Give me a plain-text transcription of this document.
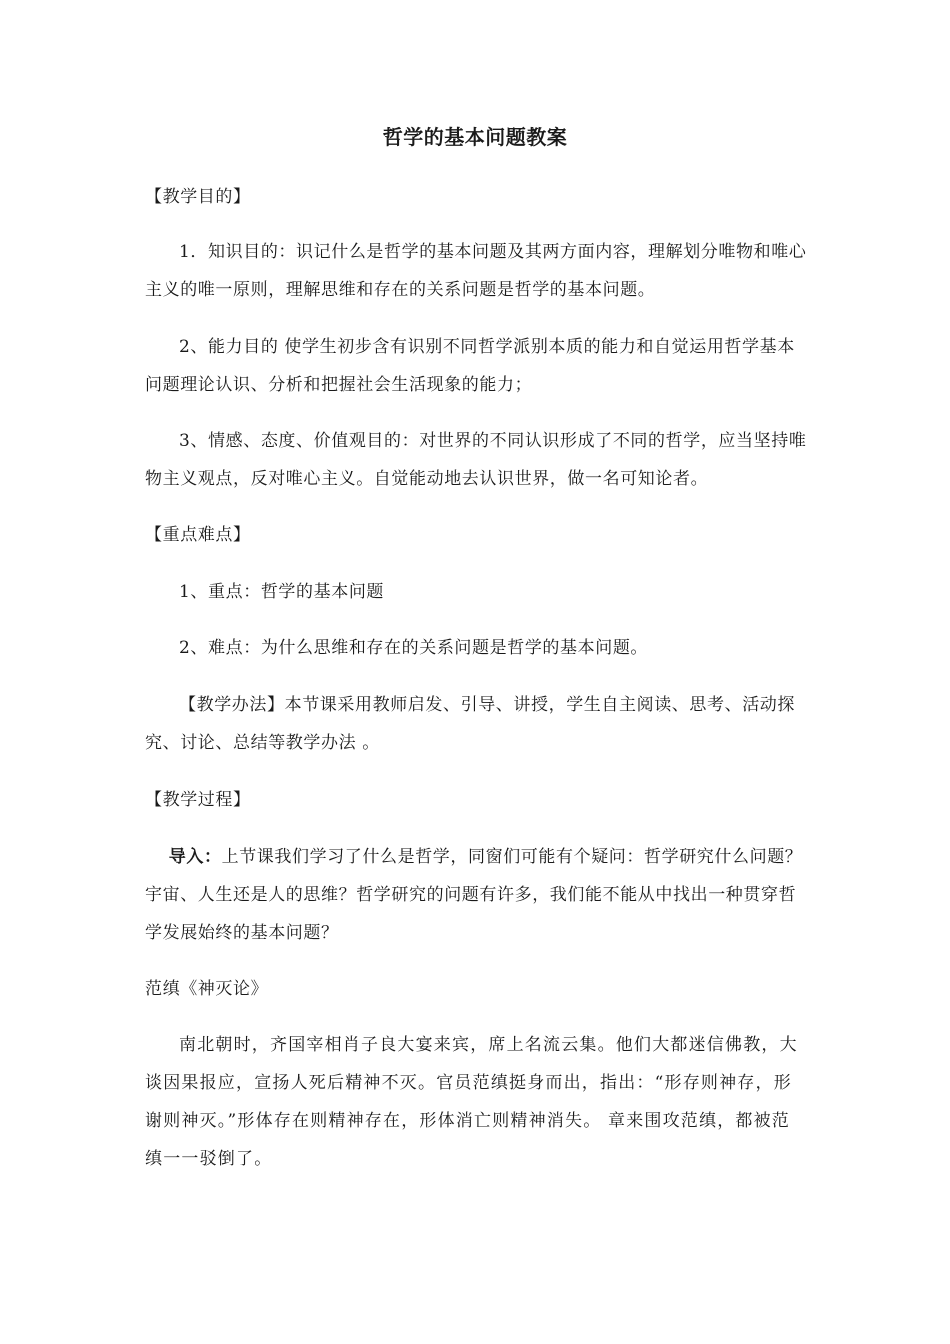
哲学的基本问题教案
【教学目的】
1．知识目的：识记什么是哲学的基本问题及其两方面内容，理解划分唯物和唯心主义的唯一原则，理解思维和存在的关系问题是哲学的基本问题。
2、能力目的 使学生初步含有识别不同哲学派别本质的能力和自觉运用哲学基本问题理论认识、分析和把握社会生活现象的能力；
3、情感、态度、价值观目的：对世界的不同认识形成了不同的哲学，应当坚持唯物主义观点，反对唯心主义。自觉能动地去认识世界，做一名可知论者。
【重点难点】
1、重点：哲学的基本问题
2、难点：为什么思维和存在的关系问题是哲学的基本问题。
【教学办法】本节课采用教师启发、引导、讲授，学生自主阅读、思考、活动探究、讨论、总结等教学办法 。
【教学过程】
导入：上节课我们学习了什么是哲学，同窗们可能有个疑问：哲学研究什么问题？宇宙、人生还是人的思维？哲学研究的问题有许多，我们能不能从中找出一种贯穿哲学发展始终的基本问题？
范缜《神灭论》
南北朝时，齐国宰相肖子良大宴来宾，席上名流云集。他们大都迷信佛教，大谈因果报应，宣扬人死后精神不灭。官员范缜挺身而出，指出：“形存则神存，形谢则神灭。”形体存在则精神存在，形体消亡则精神消失。 章来围攻范缜，都被范缜一一驳倒了。
